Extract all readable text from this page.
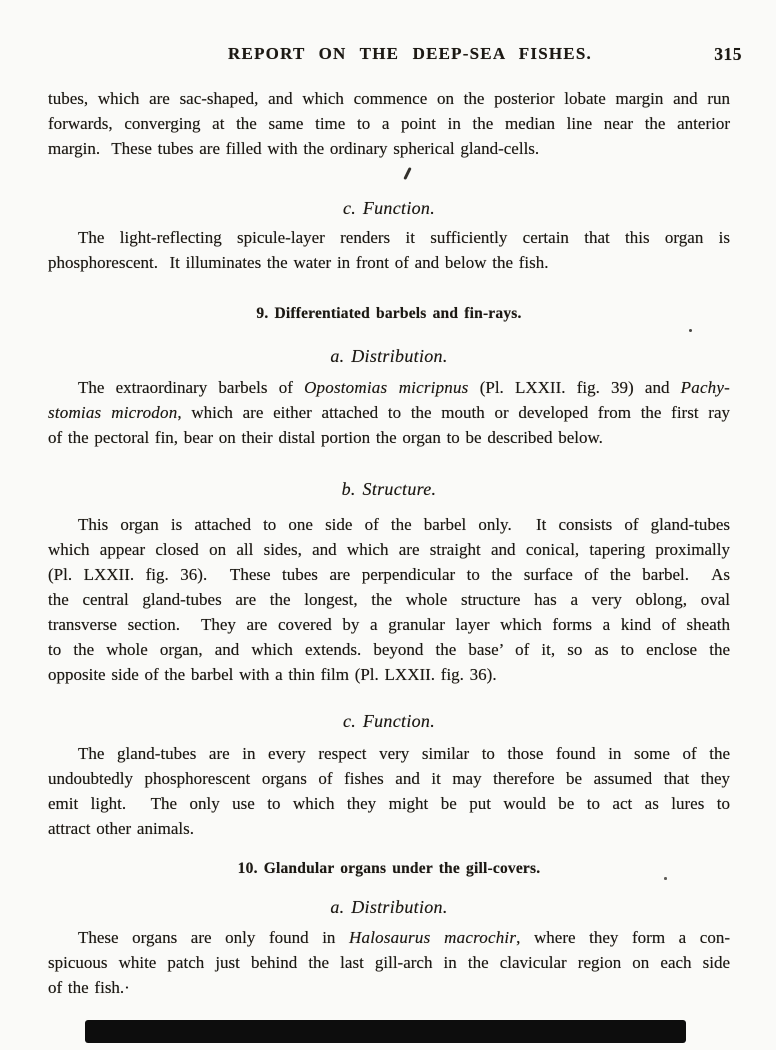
REPORT ON THE DEEP-SEA FISHES.	315
tubes, which are sac-shaped, and which commence on the posterior lobate margin and run
forwards, converging at the same time to a point in the median line near the anterior
margin.  These tubes are filled with the ordinary spherical gland-cells.
c. Function.
The light-reflecting spicule-layer renders it sufficiently certain that this organ is
phosphorescent.  It illuminates the water in front of and below the fish.
9. Differentiated barbels and fin-rays.
a. Distribution.
The extraordinary barbels of Opostomias micripnus (Pl. LXXII. fig. 39) and Pachy-
stomias microdon, which are either attached to the mouth or developed from the first ray
of the pectoral fin, bear on their distal portion the organ to be described below.
b. Structure.
This organ is attached to one side of the barbel only.  It consists of gland-tubes
which appear closed on all sides, and which are straight and conical, tapering proximally
(Pl. LXXII. fig. 36).  These tubes are perpendicular to the surface of the barbel.  As
the central gland-tubes are the longest, the whole structure has a very oblong, oval
transverse section.  They are covered by a granular layer which forms a kind of sheath
to the whole organ, and which extends. beyond the base’ of it, so as to enclose the
opposite side of the barbel with a thin film (Pl. LXXII. fig. 36).
c. Function.
The gland-tubes are in every respect very similar to those found in some of the
undoubtedly phosphorescent organs of fishes and it may therefore be assumed that they
emit light.  The only use to which they might be put would be to act as lures to
attract other animals.
10. Glandular organs under the gill-covers.
a. Distribution.
These organs are only found in Halosaurus macrochir, where they form a con-
spicuous white patch just behind the last gill-arch in the clavicular region on each side
of the fish.·
